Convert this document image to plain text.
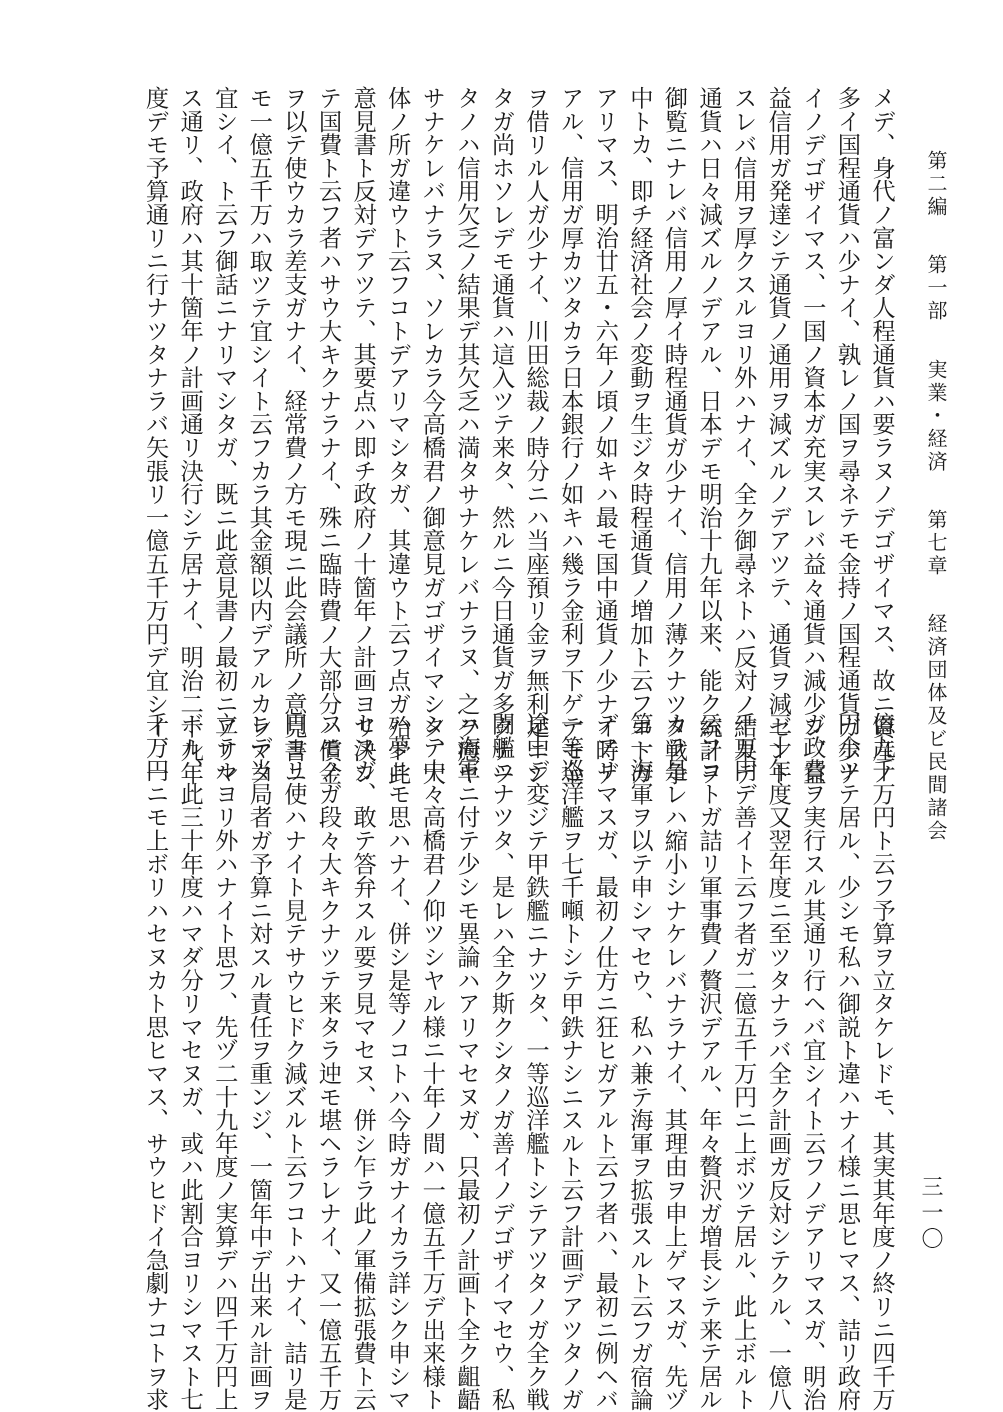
第二編 第一部 実業・経済 第七章 経済団体及ビ民間諸会
三一〇
メデ、身代ノ富ンダ人程通貨ハ要ラヌノデゴザイマス、故ニ資産ノ
多イ国程通貨ハ少ナイ、孰レノ国ヲ尋ネテモ金持ノ国程通貨ガ少ナ
イノデゴザイマス、一国ノ資本ガ充実スレバ益々通貨ハ減少シ、益
益信用ガ発達シテ通貨ノ通用ヲ減ズルノデアツテ、通貨ヲ減ゼント
スレバ信用ヲ厚クスルヨリ外ハナイ、全ク御尋ネトハ反対ノ結果デ
通貨ハ日々減ズルノデアル、日本デモ明治十九年以来、能ク統計ヲ
御覧ニナレバ信用ノ厚イ時程通貨ガ少ナイ、信用ノ薄クナツタ戦争
中トカ、即チ経済社会ノ変動ヲ生ジタ時程通貨ノ増加ト云フコトガ
アリマス、明治廿五・六年ノ頃ノ如キハ最モ国中通貨ノ少ナイ時デ
アル、信用ガ厚カツタカラ日本銀行ノ如キハ幾ラ金利ヲ下ゲテモ金
ヲ借リル人ガ少ナイ、川田総裁ノ時分ニハ当座預リ金ヲ無利足ニシ
タガ尚ホソレデモ通貨ハ這入ツテ来タ、然ルニ今日通貨ガ多クナツ
タノハ信用欠乏ノ結果デ其欠乏ハ満タサナケレバナラヌ、之ヲ癒ヤ
サナケレバナラヌ、ソレカラ今高橋君ノ御意見ガゴザイマシタ、大
体ノ所ガ違ウト云フコトデアリマシタガ、其違ウト云フ点ガ殆ド此
意見書ト反対デアツテ、其要点ハ即チ政府ノ十箇年ノ計画ヨリ決シ
テ国費ト云フ者ハサウ大キクナラナイ、殊ニ臨時費ノ大部分ハ償金
ヲ以テ使ウカラ差支ガナイ、経常費ノ方モ現ニ此会議所ノ意見書ニ
モ一億五千万ハ取ツテ宜シイト云フカラ其金額以内デアルカラマタ
宜シイ、ト云フ御話ニナリマシタガ、既ニ此意見書ノ最初ニアリマ
ス通リ、政府ハ其十箇年ノ計画通リ決行シテ居ナイ、明治二十九年
度デモ予算通リニ行ナツタナラバ矢張リ一億五千万円デ宜シイ、一
億九千万円ト云フ予算ヲ立タケレドモ、其実其年度ノ終リニ四千万
円余ツテ居ル、少シモ私ハ御説ト違ハナイ様ニ思ヒマス、詰リ政府
ガ政費ヲ実行スル其通リ行ヘバ宜シイト云フノデアリマスガ、明治
三十年度又翌年度ニ至ツタナラバ全ク計画ガ反対シテクル、一億八
千万円デ善イト云フ者ガ二億五千万円ニ上ボツテ居ル、此上ボルト
云フコトガ詰リ軍事費ノ贅沢デアル、年々贅沢ガ増長シテ来テ居ル
カラ是レハ縮小シナケレバナラナイ、其理由ヲ申上ゲマスガ、先ヅ
第一海軍ヲ以テ申シマセウ、私ハ兼テ海軍ヲ拡張スルト云フガ宿論
デアリマスガ、最初ノ仕方ニ狂ヒガアルト云フ者ハ、最初ニ例ヘバ
一等巡洋艦ヲ七千噸トシテ甲鉄ナシニスルト云フ計画デアツタノガ
途中デ変ジテ甲鉄艦ニナツタ、一等巡洋艦トシテアツタノガ全ク戦
闘艦ニナツタ、是レハ全ク斯クシタノガ善イノデゴザイマセウ、私
ハ海軍ニ付テ少シモ異論ハアリマセヌガ、只最初ノ計画ト全ク齟齬
シテ中々高橋君ノ仰ツシヤル様ニ十年ノ間ハ一億五千万デ出来様ト
ハ夢ニモ思ハナイ、併シ是等ノコトハ今時ガナイカラ詳シク申シマ
セヌガ、敢テ答弁スル要ヲ見マセヌ、併シ乍ラ此ノ軍備拡張費ト云
フモノガ段々大キクナツテ来タラ迚モ堪ヘラレナイ、又一億五千万
円ヨリ使ハナイト見テサウヒドク減ズルト云フコトハナイ、詰リ是
レデ当局者ガ予算ニ対スル責任ヲ重ンジ、一箇年中デ出来ル計画ヲ
立テルヨリ外ハナイト思フ、先ヅ二十九年度ノ実算デハ四千万円上
ボル、此三十年度ハマダ分リマセヌガ、或ハ此割合ヨリシマスト七
千万円ニモ上ボリハセヌカト思ヒマス、サウヒドイ急劇ナコトヲ求
